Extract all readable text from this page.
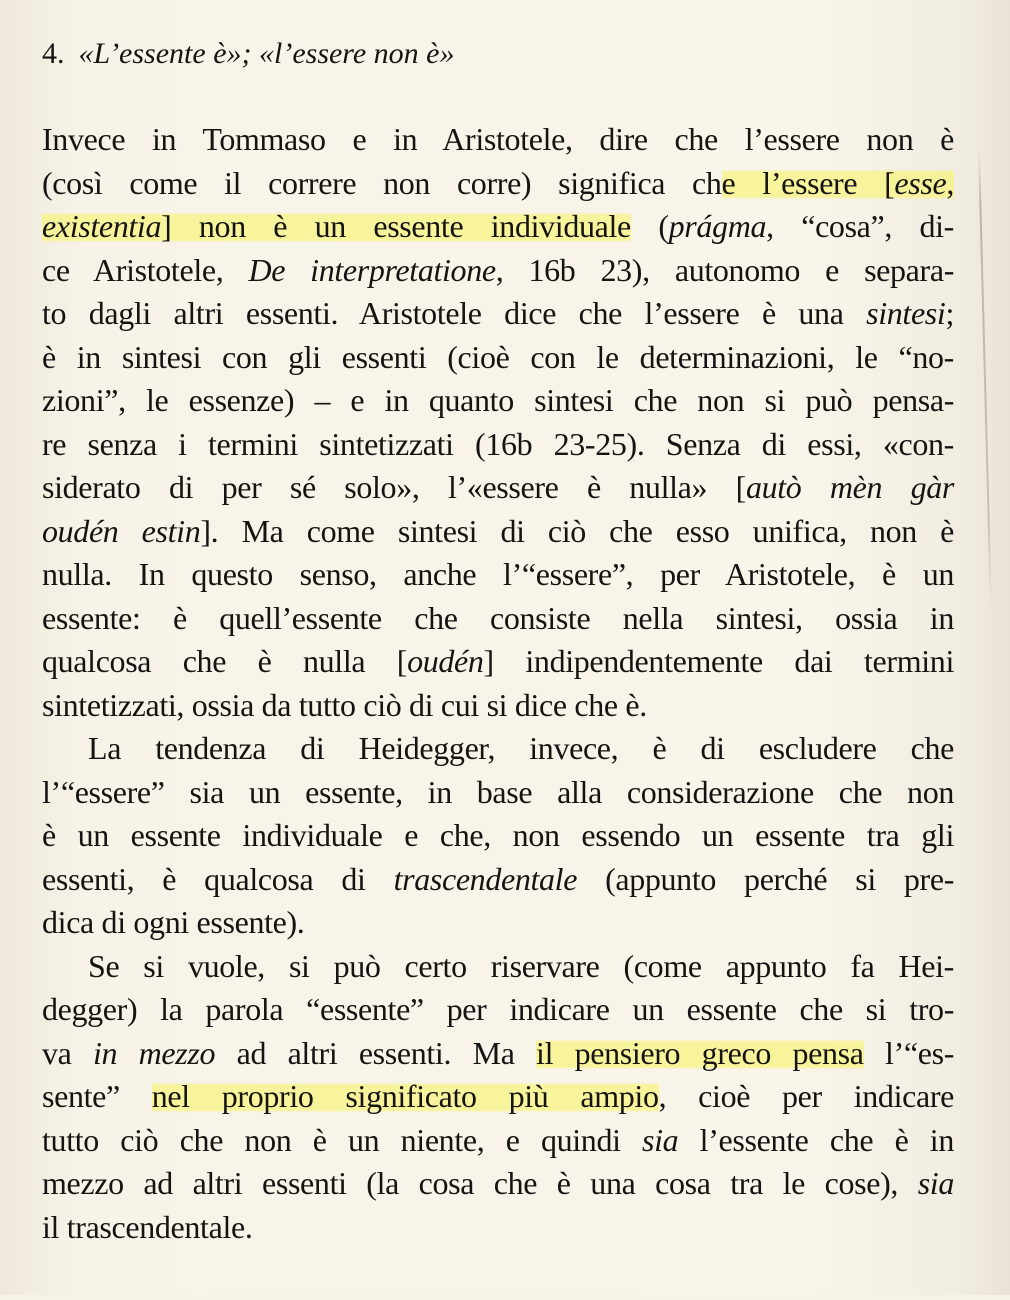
4. «L’essente è»; «l’essere non è»
Invece in Tommaso e in Aristotele, dire che l’essere non è
(così come il correre non corre) significa che l’essere [esse,
existentia] non è un essente individuale (prágma, “cosa”, di-
ce Aristotele, De interpretatione, 16b 23), autonomo e separa-
to dagli altri essenti. Aristotele dice che l’essere è una sintesi;
è in sintesi con gli essenti (cioè con le determinazioni, le “no-
zioni”, le essenze) – e in quanto sintesi che non si può pensa-
re senza i termini sintetizzati (16b 23-25). Senza di essi, «con-
siderato di per sé solo», l’«essere è nulla» [autò mèn gàr
oudén estin]. Ma come sintesi di ciò che esso unifica, non è
nulla. In questo senso, anche l’“essere”, per Aristotele, è un
essente: è quell’essente che consiste nella sintesi, ossia in
qualcosa che è nulla [oudén] indipendentemente dai termini
sintetizzati, ossia da tutto ciò di cui si dice che è.
La tendenza di Heidegger, invece, è di escludere che
l’“essere” sia un essente, in base alla considerazione che non
è un essente individuale e che, non essendo un essente tra gli
essenti, è qualcosa di trascendentale (appunto perché si pre-
dica di ogni essente).
Se si vuole, si può certo riservare (come appunto fa Hei-
degger) la parola “essente” per indicare un essente che si tro-
va in mezzo ad altri essenti. Ma il pensiero greco pensa l’“es-
sente” nel proprio significato più ampio, cioè per indicare
tutto ciò che non è un niente, e quindi sia l’essente che è in
mezzo ad altri essenti (la cosa che è una cosa tra le cose), sia
il trascendentale.
